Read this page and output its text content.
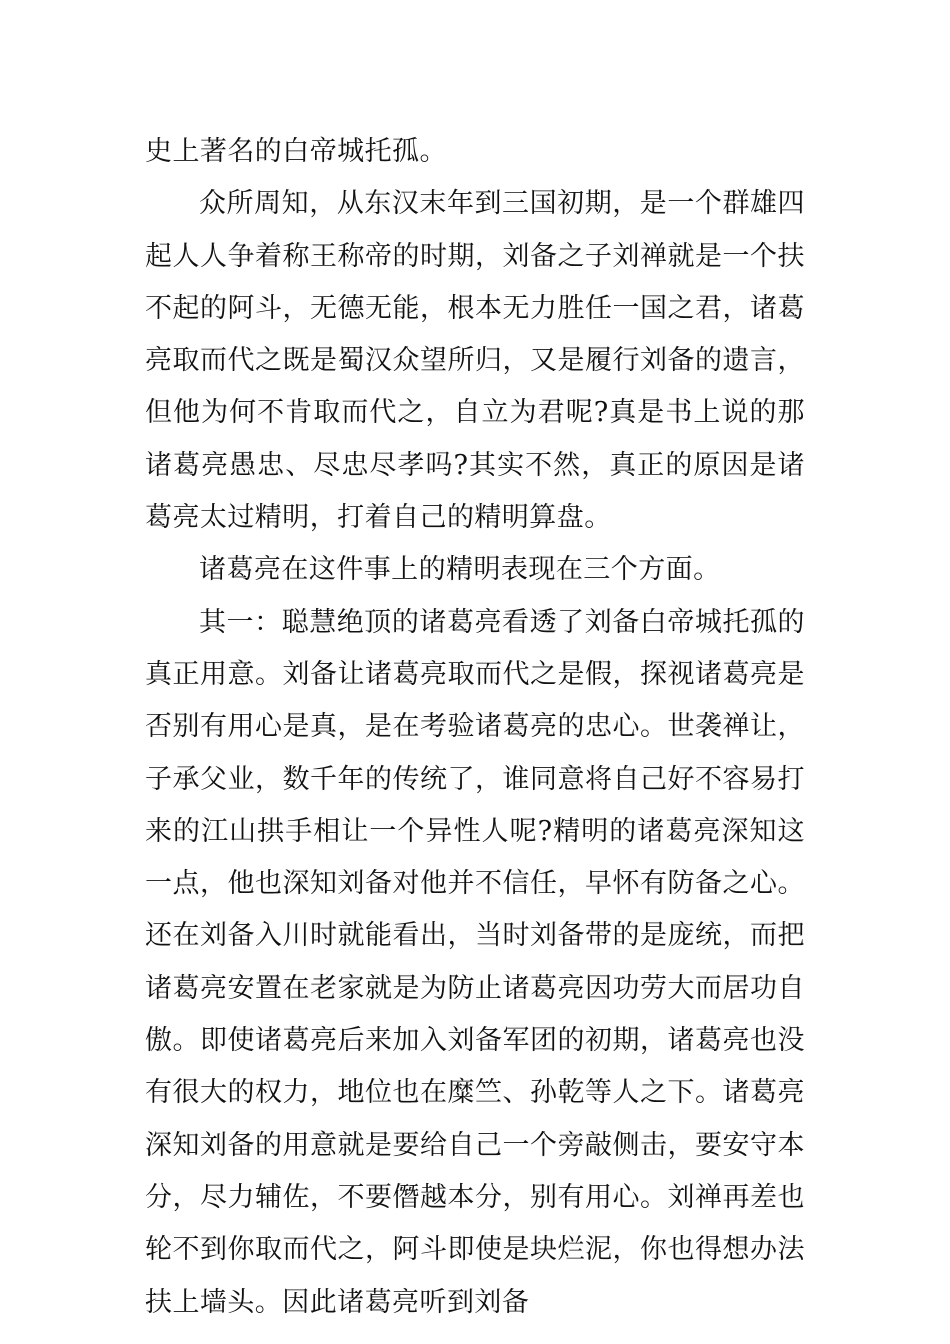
史上著名的白帝城托孤。

众所周知，从东汉末年到三国初期，是一个群雄四起人人争着称王称帝的时期，刘备之子刘禅就是一个扶不起的阿斗，无德无能，根本无力胜任一国之君，诸葛亮取而代之既是蜀汉众望所归，又是履行刘备的遗言，但他为何不肯取而代之，自立为君呢?真是书上说的那诸葛亮愚忠、尽忠尽孝吗?其实不然，真正的原因是诸葛亮太过精明，打着自己的精明算盘。

诸葛亮在这件事上的精明表现在三个方面。

其一：聪慧绝顶的诸葛亮看透了刘备白帝城托孤的真正用意。刘备让诸葛亮取而代之是假，探视诸葛亮是否别有用心是真，是在考验诸葛亮的忠心。世袭禅让，子承父业，数千年的传统了，谁同意将自己好不容易打来的江山拱手相让一个异性人呢?精明的诸葛亮深知这一点，他也深知刘备对他并不信任，早怀有防备之心。还在刘备入川时就能看出，当时刘备带的是庞统，而把诸葛亮安置在老家就是为防止诸葛亮因功劳大而居功自傲。即使诸葛亮后来加入刘备军团的初期，诸葛亮也没有很大的权力，地位也在糜竺、孙乾等人之下。诸葛亮深知刘备的用意就是要给自己一个旁敲侧击，要安守本分，尽力辅佐，不要僭越本分，别有用心。刘禅再差也轮不到你取而代之，阿斗即使是块烂泥，你也得想办法扶上墙头。因此诸葛亮听到刘备
